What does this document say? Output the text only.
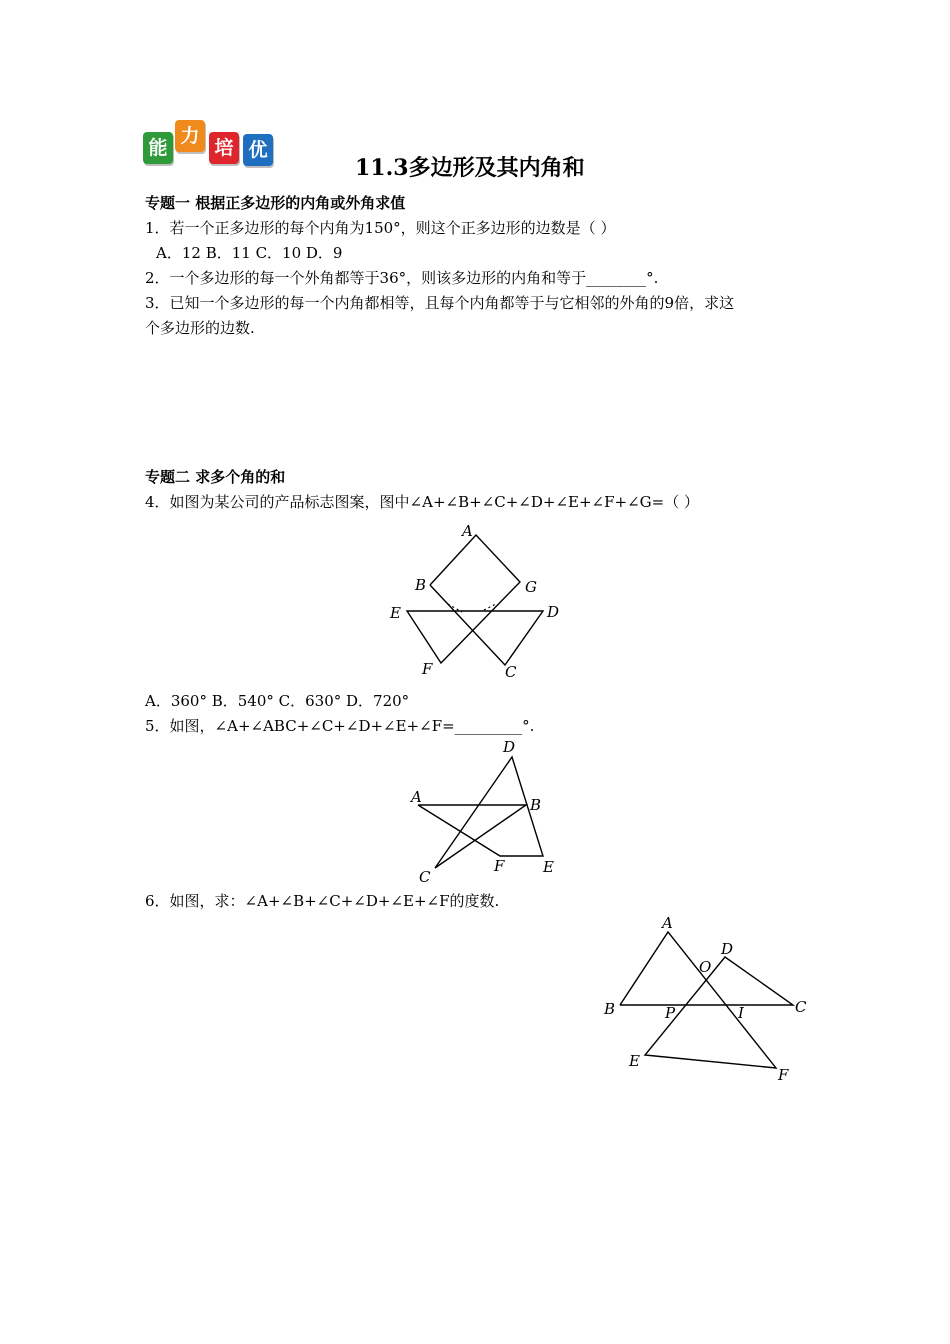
能
力
培 优
11.3多边形及其内角和
专题一 根据正多边形的内角或外角求值
1．若一个正多边形的每个内角为150°，则这个正多边形的边数是（ ）
A．12 B．11 C．10 D．9
2．一个多边形的每一个外角都等于36°，则该多边形的内角和等于________°.
3．已知一个多边形的每一个内角都相等，且每个内角都等于与它相邻的外角的9倍，求这
个多边形的边数.
专题二 求多个角的和
4．如图为某公司的产品标志图案，图中∠A+∠B+∠C+∠D+∠E+∠F+∠G=（ ）
A
B	G
E	D
F	C
A．360° B．540° C．630° D．720°
5．如图，∠A+∠ABC+∠C+∠D+∠E+∠F=_________°.
D
A	B
C
F	E
6．如图，求：∠A+∠B+∠C+∠D+∠E+∠F的度数.
A
D
O
B	C
P	I
E
F
